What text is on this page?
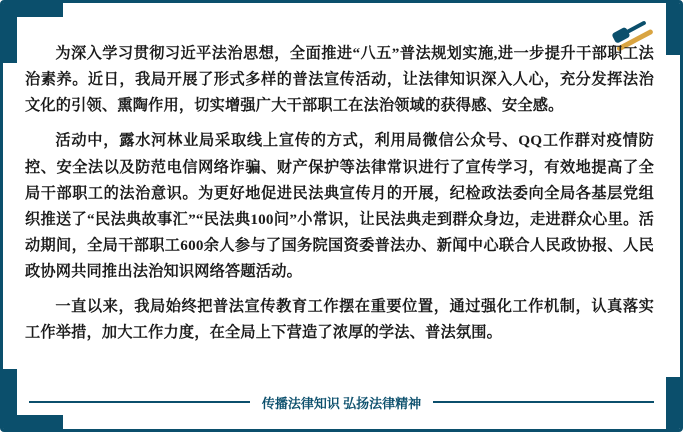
为深入学习贯彻习近平法治思想，全面推进“八五”普法规划实施,进一步提升干部职工法治素养。近日，我局开展了形式多样的普法宣传活动，让法律知识深入人心，充分发挥法治文化的引领、熏陶作用，切实增强广大干部职工在法治领域的获得感、安全感。

活动中，露水河林业局采取线上宣传的方式，利用局微信公众号、QQ工作群对疫情防控、安全法以及防范电信网络诈骗、财产保护等法律常识进行了宣传学习，有效地提高了全局干部职工的法治意识。为更好地促进民法典宣传月的开展，纪检政法委向全局各基层党组织推送了“民法典故事汇”“民法典100问”小常识，让民法典走到群众身边，走进群众心里。活动期间，全局干部职工600余人参与了国务院国资委普法办、新闻中心联合人民政协报、人民政协网共同推出法治知识网络答题活动。

一直以来，我局始终把普法宣传教育工作摆在重要位置，通过强化工作机制，认真落实工作举措，加大工作力度，在全局上下营造了浓厚的学法、普法氛围。

传播法律知识 弘扬法律精神
